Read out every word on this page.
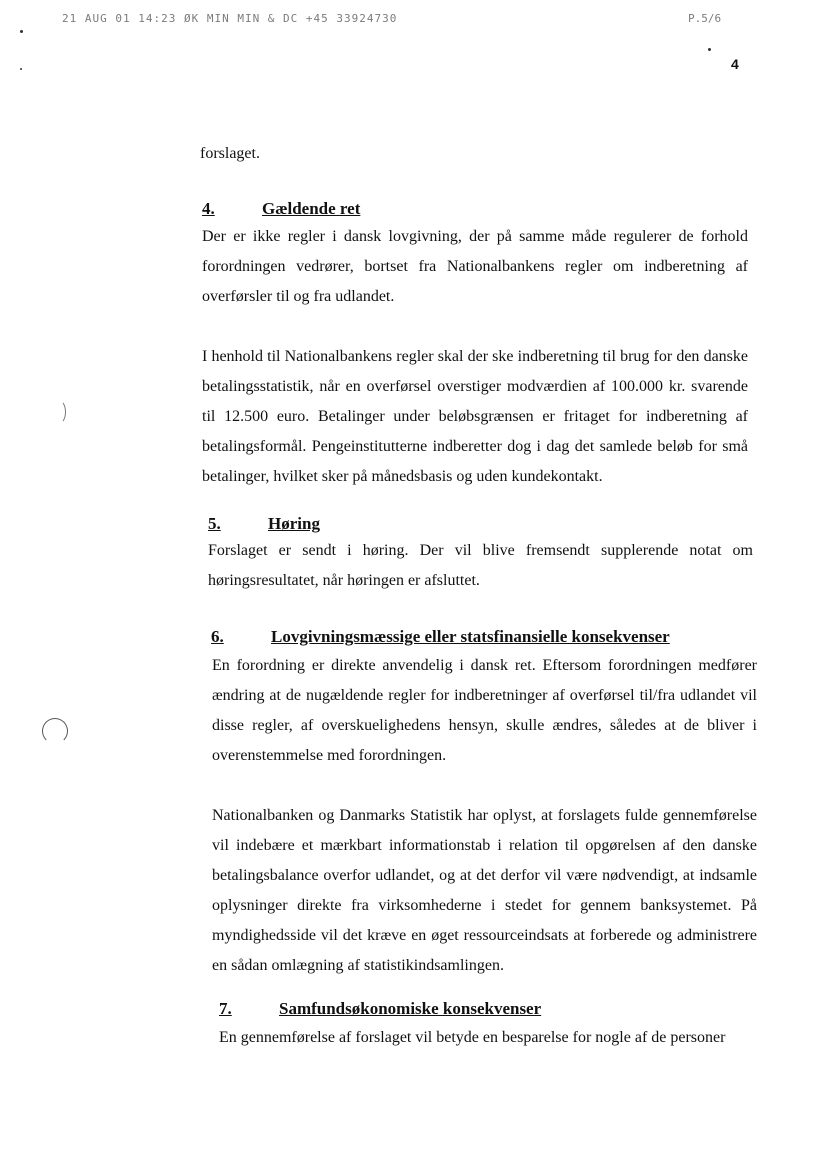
21 AUG 01 14:23 ØK MIN MIN & DC +45 33924730	P.5/6
4
forslaget.
4.	Gældende ret

Der er ikke regler i dansk lovgivning, der på samme måde regulerer de forhold forordningen vedrører, bortset fra Nationalbankens regler om indberetning af overførsler til og fra udlandet.

I henhold til Nationalbankens regler skal der ske indberetning til brug for den danske betalingsstatistik, når en overførsel overstiger modværdien af 100.000 kr. svarende til 12.500 euro. Betalinger under beløbsgrænsen er fritaget for indberetning af betalingsformål. Pengeinstitutterne indberetter dog i dag det samlede beløb for små betalinger, hvilket sker på månedsbasis og uden kundekontakt.

5.	Høring

Forslaget er sendt i høring. Der vil blive fremsendt supplerende notat om høringsresultatet, når høringen er afsluttet.

6.	Lovgivningsmæssige eller statsfinansielle konsekvenser

En forordning er direkte anvendelig i dansk ret. Eftersom forordningen medfører ændring at de nugældende regler for indberetninger af overførsel til/fra udlandet vil disse regler, af overskuelighedens hensyn, skulle ændres, således at de bliver i overenstemmelse med forordningen.

Nationalbanken og Danmarks Statistik har oplyst, at forslagets fulde gennemførelse vil indebære et mærkbart informationstab i relation til opgørelsen af den danske betalingsbalance overfor udlandet, og at det derfor vil være nødvendigt, at indsamle oplysninger direkte fra virksomhederne i stedet for gennem banksystemet. På myndighedsside vil det kræve en øget ressourceindsats at forberede og administrere en sådan omlægning af statistikindsamlingen.

7.	Samfundsøkonomiske konsekvenser

En gennemførelse af forslaget vil betyde en besparelse for nogle af de personer
